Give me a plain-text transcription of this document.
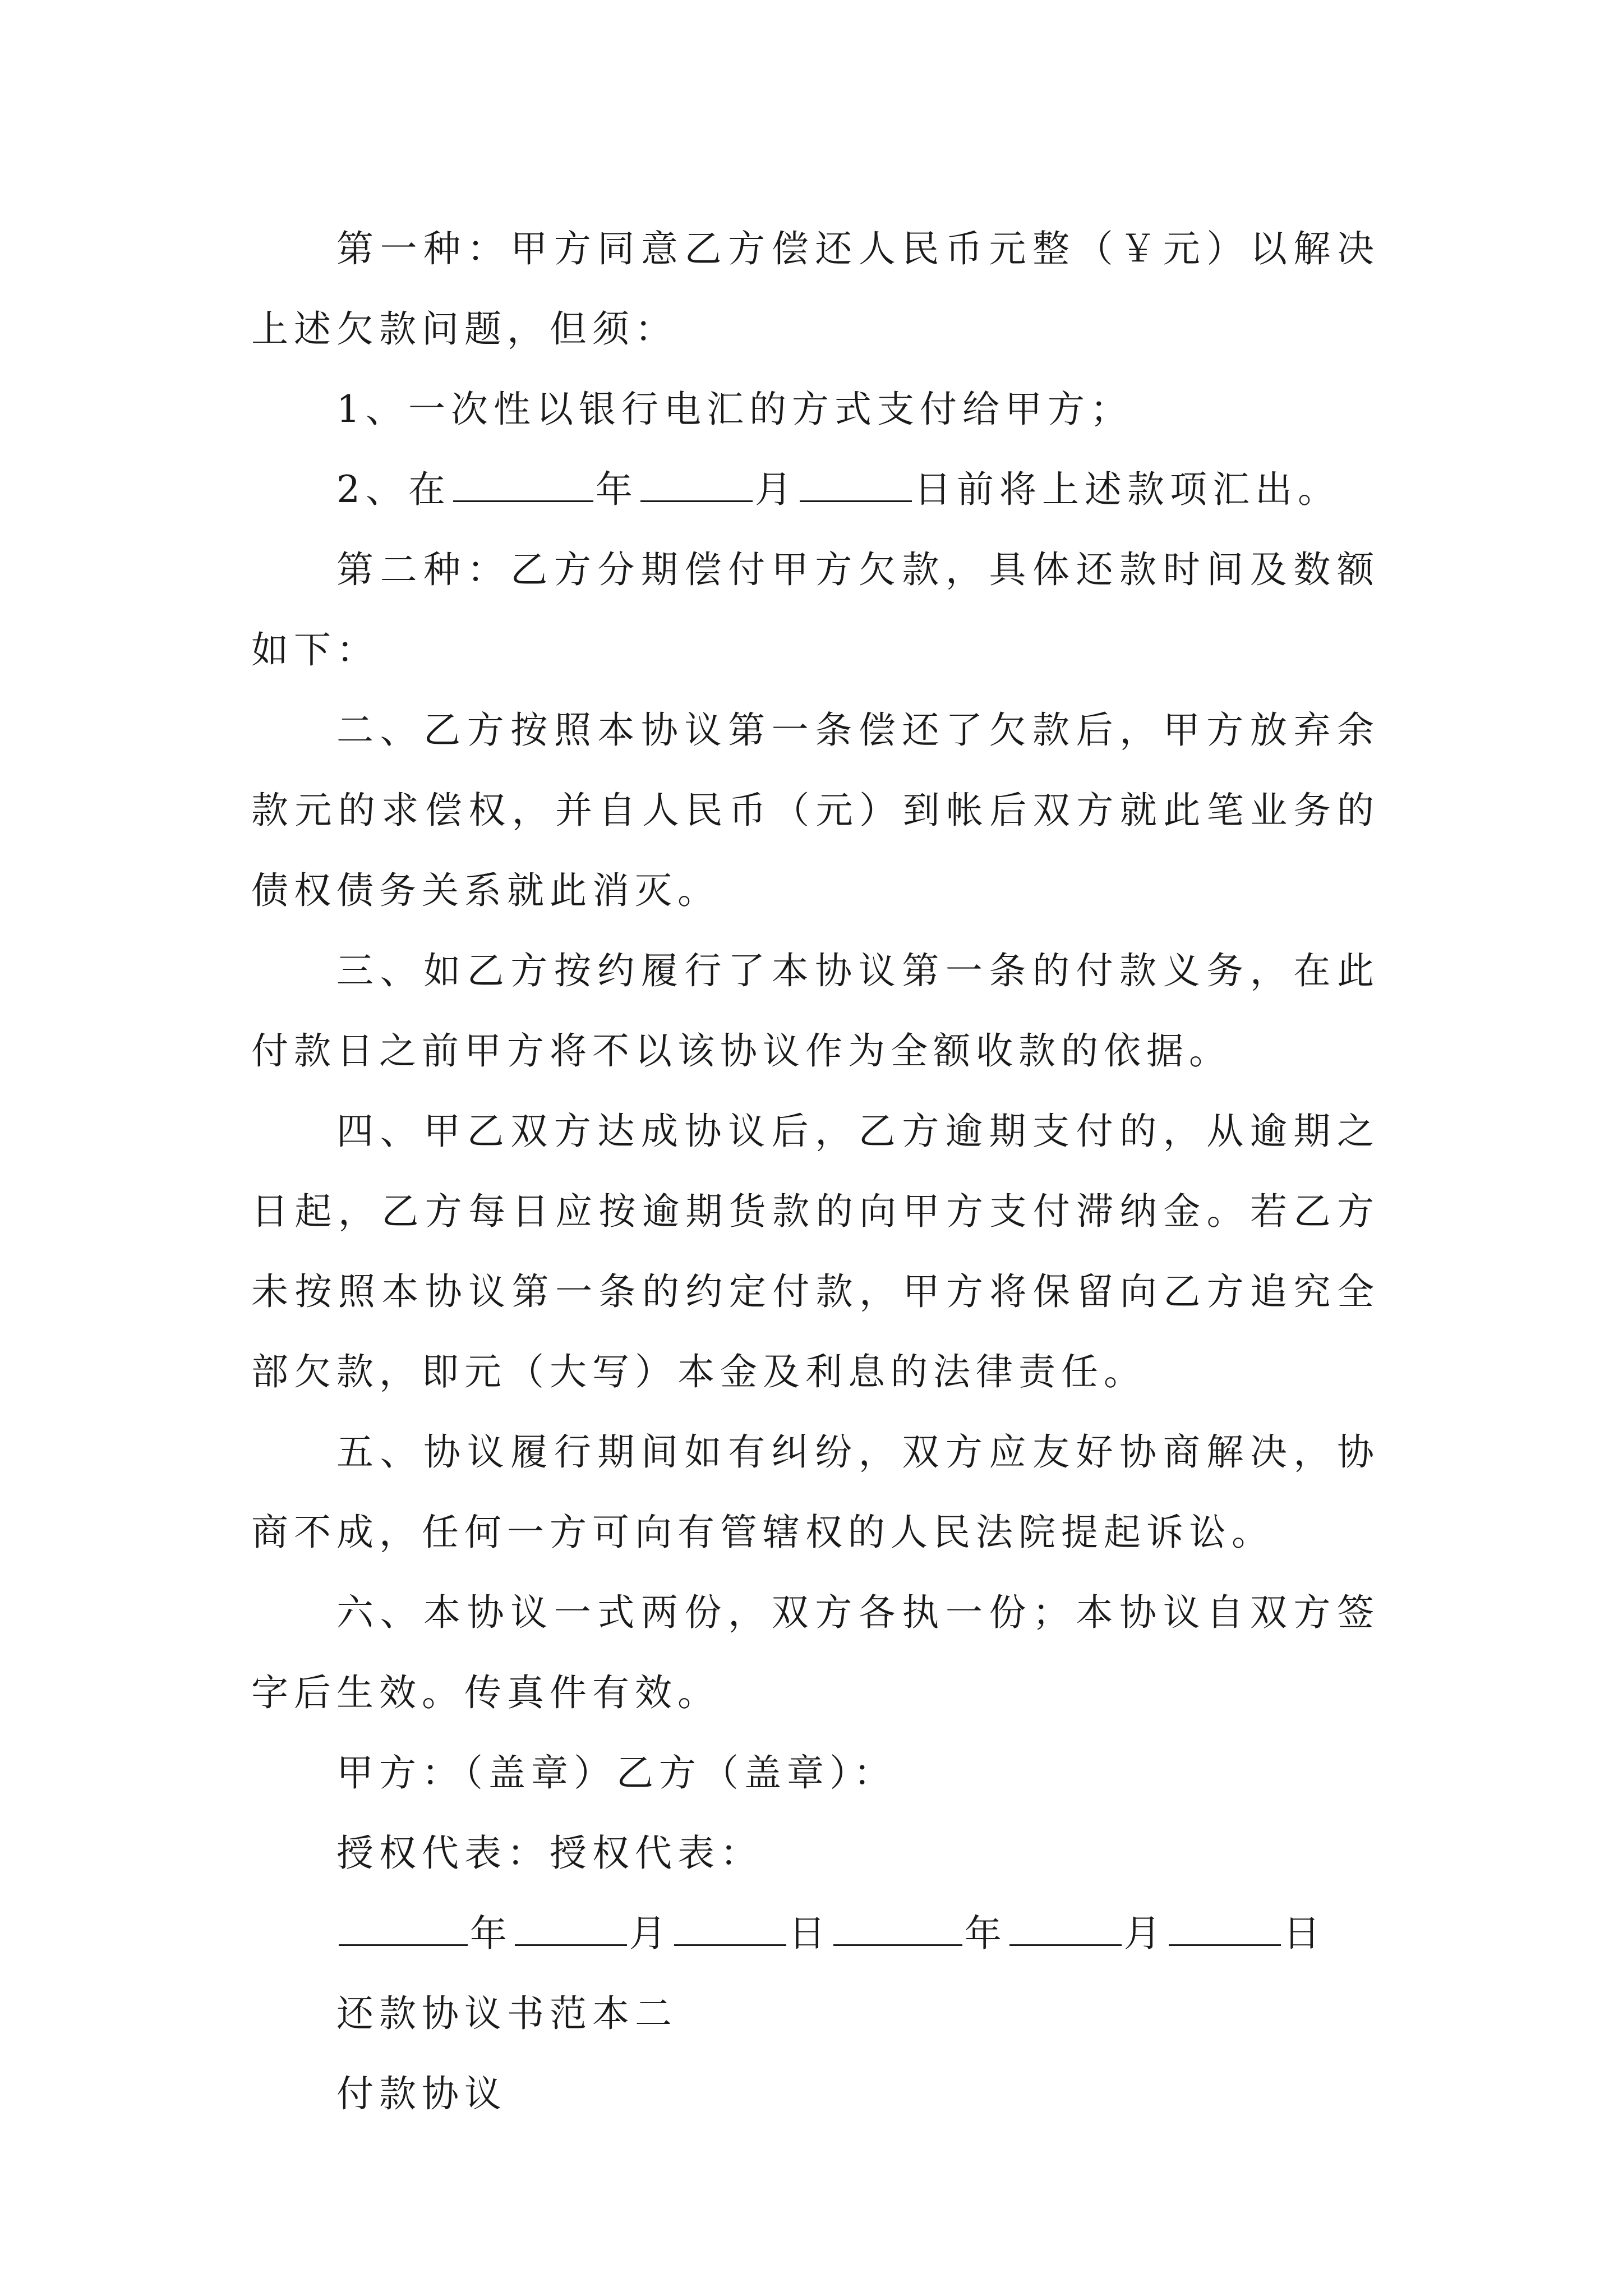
第一种：甲方同意乙方偿还人民币元整（￥元）以解决上述欠款问题，但须：

1、一次性以银行电汇的方式支付给甲方；

2、在	年	月	日前将上述款项汇出。

第二种：乙方分期偿付甲方欠款，具体还款时间及数额如下：

二、乙方按照本协议第一条偿还了欠款后，甲方放弃余款元的求偿权，并自人民币（元）到帐后双方就此笔业务的债权债务关系就此消灭。

三、如乙方按约履行了本协议第一条的付款义务，在此付款日之前甲方将不以该协议作为全额收款的依据。

四、甲乙双方达成协议后，乙方逾期支付的，从逾期之日起，乙方每日应按逾期货款的向甲方支付滞纳金。若乙方未按照本协议第一条的约定付款，甲方将保留向乙方追究全部欠款，即元（大写）本金及利息的法律责任。

五、协议履行期间如有纠纷，双方应友好协商解决，协商不成，任何一方可向有管辖权的人民法院提起诉讼。

六、本协议一式两份，双方各执一份；本协议自双方签字后生效。传真件有效。

甲方：（盖章）乙方（盖章）：

授权代表：授权代表：

年	月	日	年	月	日

还款协议书范本二

付款协议
